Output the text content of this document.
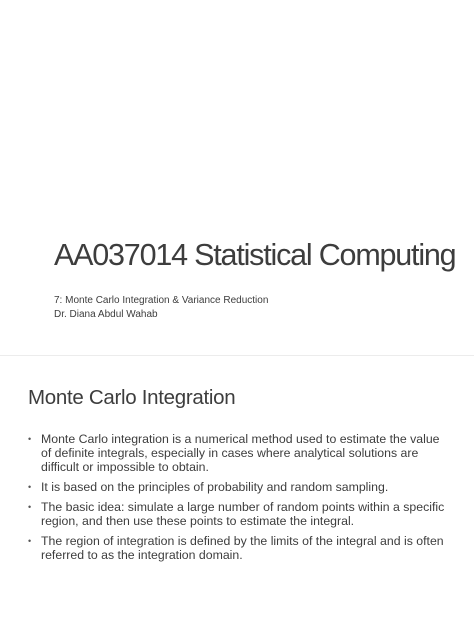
AA037014 Statistical Computing

7: Monte Carlo Integration & Variance Reduction

Dr. Diana Abdul Wahab

Monte Carlo Integration
• Monte Carlo integration is a numerical method used to estimate the value of definite integrals, especially in cases where analytical solutions are difficult or impossible to obtain.
• It is based on the principles of probability and random sampling.
• The basic idea: simulate a large number of random points within a specific region, and then use these points to estimate the integral.
• The region of integration is defined by the limits of the integral and is often referred to as the integration domain.
